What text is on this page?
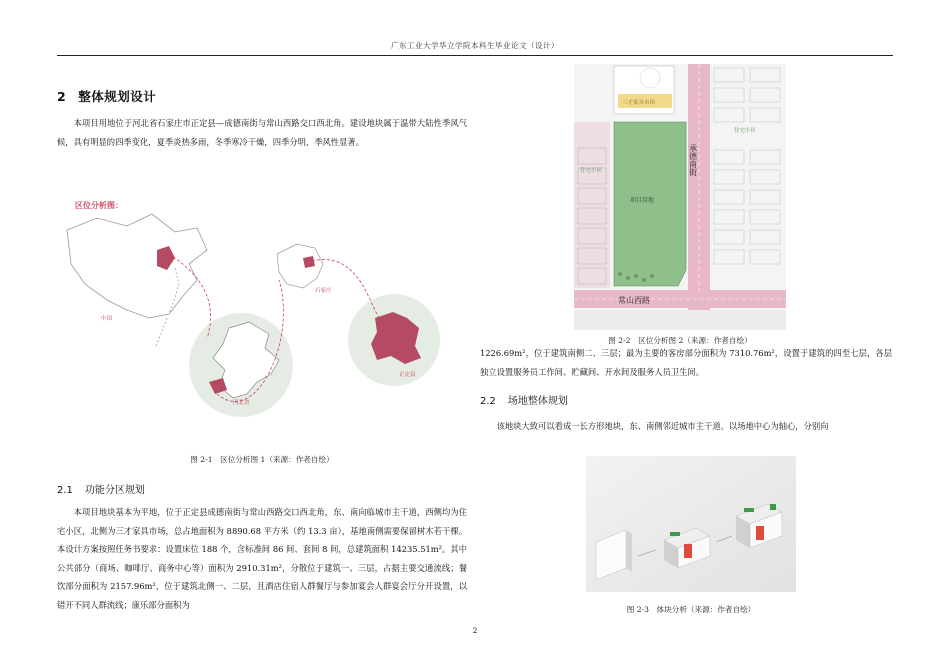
广东工业大学华立学院本科生毕业论文（设计）
2 整体规划设计
本项目用地位于河北省石家庄市正定县—成德南街与常山西路交口西北角。建设地块属于温带大陆性季风气候，具有明显的四季变化，夏季炎热多雨，冬季寒冷干燥，四季分明，季风性显著。
区位分析图：
中国
河北省
石家庄
正定县
图 2-1　区位分析图 1（来源：作者自绘）
2.1 功能分区规划
本项目地块基本为平地，位于正定县成德南街与常山西路交口西北角，东、南向临城市主干道，西侧均为住宅小区，北侧为三才家具市场，总占地面积为 8890.68 平方米（约 13.3 亩），基地南侧需要保留树木若干棵。本设计方案按照任务书要求：设置床位 188 个，含标准间 86 间、套间 8 间，总建筑面积 14235.51m²。其中公共部分（商场、咖啡厅、商务中心等）面积为 2910.31m²，分散位于建筑一、三层，占据主要交通流线；餐饮部分面积为 2157.96m²，位于建筑北侧一、二层，且酒店住宿人群餐厅与参加宴会人群宴会厅分开设置，以错开不同人群流线；康乐部分面积为
住宅小区
三才家具市场
住宅小区
项目用地
承德南街
常山西路
图 2-2　区位分析图 2（来源：作者自绘）
1226.69m²，位于建筑南侧二、三层；最为主要的客房部分面积为 7310.76m²，设置于建筑的四至七层，各层独立设置服务员工作间、贮藏间、开水间及服务人员卫生间。
2.2 场地整体规划
该地块大致可以看成一长方形地块，东、南侧邻近城市主干道。以场地中心为轴心，分别向
图 2-3　体块分析（来源：作者自绘）
2
